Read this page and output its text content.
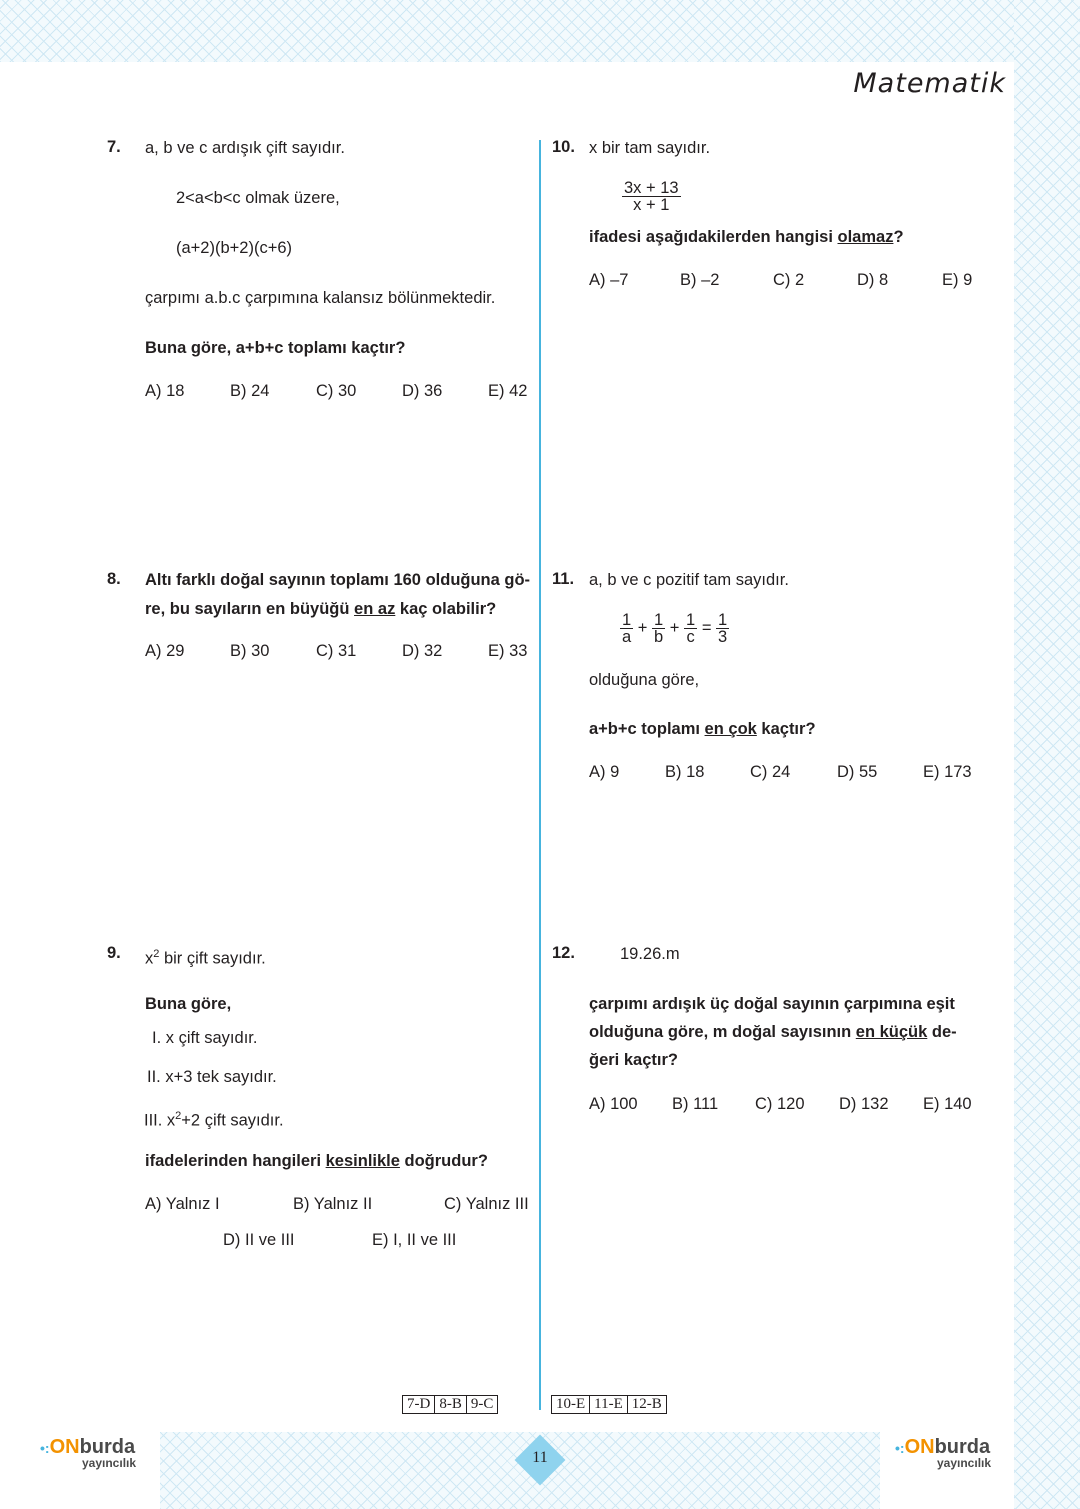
Matematik
7. a, b ve c ardışık çift sayıdır.
2<a<b<c olmak üzere,
(a+2)(b+2)(c+6)
çarpımı a.b.c çarpımına kalansız bölünmektedir.
Buna göre, a+b+c toplamı kaçtır?
A) 18	B) 24	C) 30	D) 36	E) 42
8. Altı farklı doğal sayının toplamı 160 olduğuna gö-
re, bu sayıların en büyüğü en az kaç olabilir?
A) 29	B) 30	C) 31	D) 32	E) 33
9. $x^2$ bir çift sayıdır.
Buna göre,
I. x çift sayıdır.
II. x+3 tek sayıdır.
III. $x^2+2$ çift sayıdır.
ifadelerinden hangileri kesinlikle doğrudur?
A) Yalnız I	B) Yalnız II	C) Yalnız III
D) II ve III	E) I, II ve III
10. x bir tam sayıdır.
$\frac{3x + 13}{x + 1}$
ifadesi aşağıdakilerden hangisi olamaz?
A) –7	B) –2	C) 2	D) 8	E) 9
11. a, b ve c pozitif tam sayıdır.
$\frac{1}{a} + \frac{1}{b} + \frac{1}{c} = \frac{1}{3}$
olduğuna göre,
a+b+c toplamı en çok kaçtır?
A) 9	B) 18	C) 24	D) 55	E) 173
12.	19.26.m
çarpımı ardışık üç doğal sayının çarpımına eşit
olduğuna göre, m doğal sayısının en küçük de-
ğeri kaçtır?
A) 100 B) 111 C) 120 D) 132 E) 140
7-D 8-B 9-C	10-E 11-E 12-B
11
•:ONburda
yayıncılık
•:ONburda
yayıncılık
